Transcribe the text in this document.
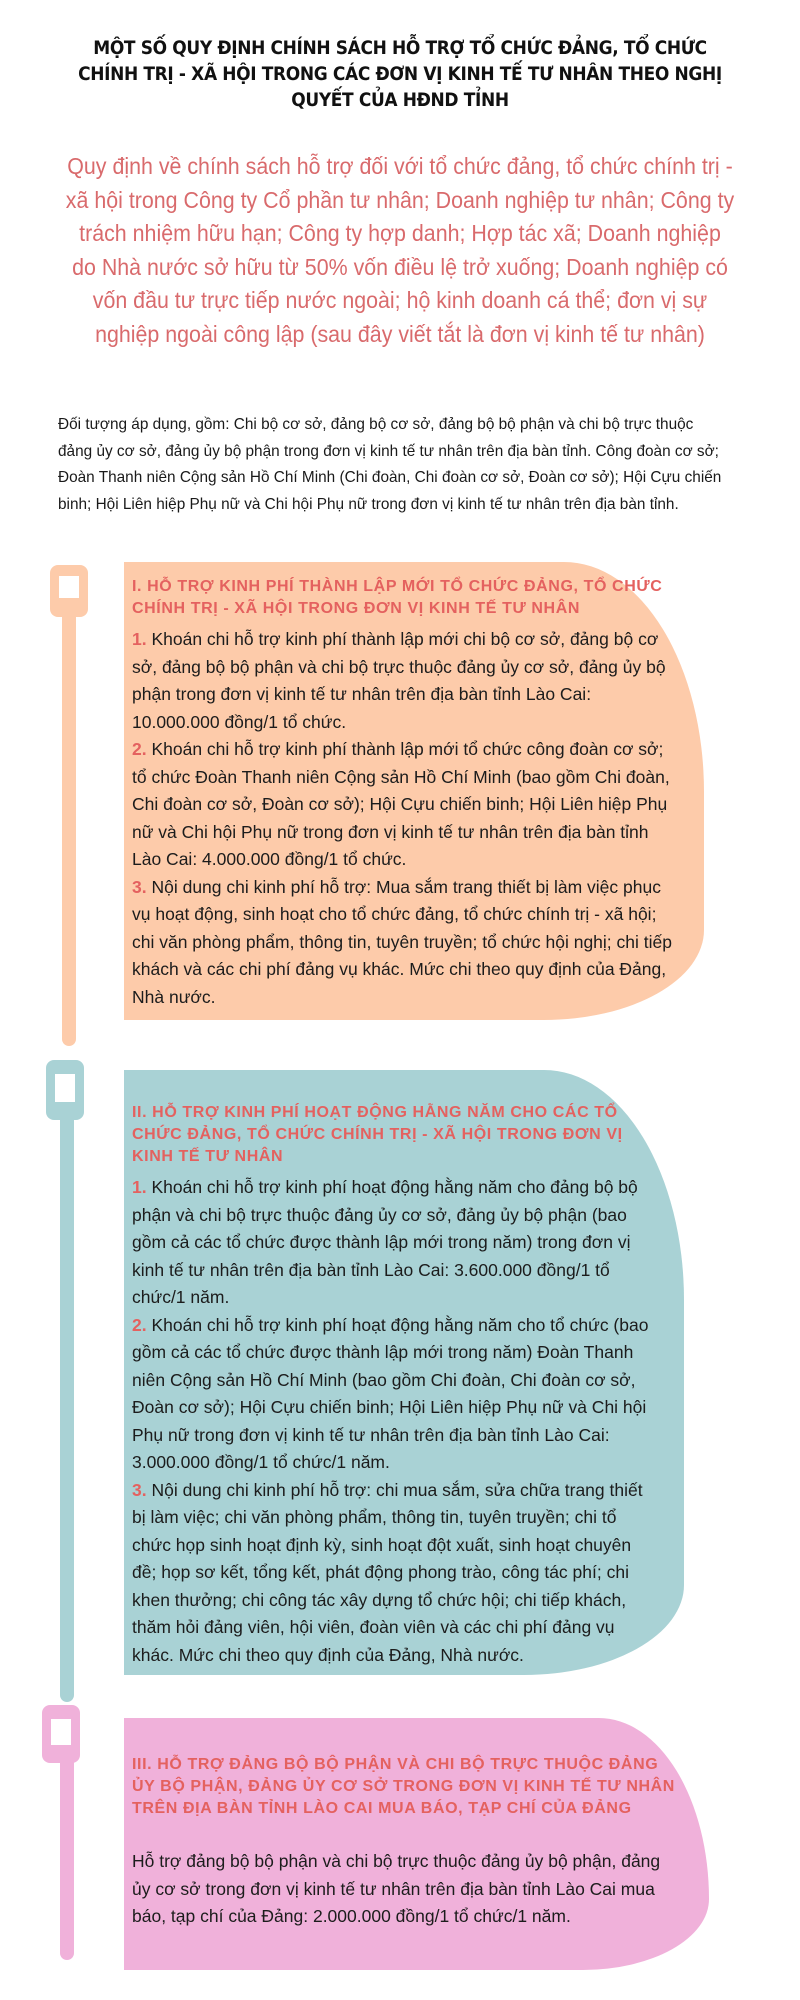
MỘT SỐ QUY ĐỊNH CHÍNH SÁCH HỖ TRỢ TỔ CHỨC ĐẢNG, TỔ CHỨC CHÍNH TRỊ - XÃ HỘI TRONG CÁC ĐƠN VỊ KINH TẾ TƯ NHÂN THEO NGHỊ QUYẾT CỦA HĐND TỈNH

Quy định về chính sách hỗ trợ đối với tổ chức đảng, tổ chức chính trị - xã hội trong Công ty Cổ phần tư nhân; Doanh nghiệp tư nhân; Công ty trách nhiệm hữu hạn; Công ty hợp danh; Hợp tác xã; Doanh nghiệp do Nhà nước sở hữu từ 50% vốn điều lệ trở xuống; Doanh nghiệp có vốn đầu tư trực tiếp nước ngoài; hộ kinh doanh cá thể; đơn vị sự nghiệp ngoài công lập (sau đây viết tắt là đơn vị kinh tế tư nhân)

Đối tượng áp dụng, gồm: Chi bộ cơ sở, đảng bộ cơ sở, đảng bộ bộ phận và chi bộ trực thuộc đảng ủy cơ sở, đảng ủy bộ phận trong đơn vị kinh tế tư nhân trên địa bàn tỉnh. Công đoàn cơ sở; Đoàn Thanh niên Cộng sản Hồ Chí Minh (Chi đoàn, Chi đoàn cơ sở, Đoàn cơ sở); Hội Cựu chiến binh; Hội Liên hiệp Phụ nữ và Chi hội Phụ nữ trong đơn vị kinh tế tư nhân trên địa bàn tỉnh.

I. HỖ TRỢ KINH PHÍ THÀNH LẬP MỚI TỔ CHỨC ĐẢNG, TỔ CHỨC CHÍNH TRỊ - XÃ HỘI TRONG ĐƠN VỊ KINH TẾ TƯ NHÂN

1. Khoán chi hỗ trợ kinh phí thành lập mới chi bộ cơ sở, đảng bộ cơ sở, đảng bộ bộ phận và chi bộ trực thuộc đảng ủy cơ sở, đảng ủy bộ phận trong đơn vị kinh tế tư nhân trên địa bàn tỉnh Lào Cai: 10.000.000 đồng/1 tổ chức.

2. Khoán chi hỗ trợ kinh phí thành lập mới tổ chức công đoàn cơ sở; tổ chức Đoàn Thanh niên Cộng sản Hồ Chí Minh (bao gồm Chi đoàn, Chi đoàn cơ sở, Đoàn cơ sở); Hội Cựu chiến binh; Hội Liên hiệp Phụ nữ và Chi hội Phụ nữ trong đơn vị kinh tế tư nhân trên địa bàn tỉnh Lào Cai: 4.000.000 đồng/1 tổ chức.

3. Nội dung chi kinh phí hỗ trợ: Mua sắm trang thiết bị làm việc phục vụ hoạt động, sinh hoạt cho tổ chức đảng, tổ chức chính trị - xã hội; chi văn phòng phẩm, thông tin, tuyên truyền; tổ chức hội nghị; chi tiếp khách và các chi phí đảng vụ khác. Mức chi theo quy định của Đảng, Nhà nước.

II. HỖ TRỢ KINH PHÍ HOẠT ĐỘNG HẰNG NĂM CHO CÁC TỔ CHỨC ĐẢNG, TỔ CHỨC CHÍNH TRỊ - XÃ HỘI TRONG ĐƠN VỊ KINH TẾ TƯ NHÂN

1. Khoán chi hỗ trợ kinh phí hoạt động hằng năm cho đảng bộ bộ phận và chi bộ trực thuộc đảng ủy cơ sở, đảng ủy bộ phận (bao gồm cả các tổ chức được thành lập mới trong năm) trong đơn vị kinh tế tư nhân trên địa bàn tỉnh Lào Cai: 3.600.000 đồng/1 tổ chức/1 năm.

2. Khoán chi hỗ trợ kinh phí hoạt động hằng năm cho tổ chức (bao gồm cả các tổ chức được thành lập mới trong năm) Đoàn Thanh niên Cộng sản Hồ Chí Minh (bao gồm Chi đoàn, Chi đoàn cơ sở, Đoàn cơ sở); Hội Cựu chiến binh; Hội Liên hiệp Phụ nữ và Chi hội Phụ nữ trong đơn vị kinh tế tư nhân trên địa bàn tỉnh Lào Cai: 3.000.000 đồng/1 tổ chức/1 năm.

3. Nội dung chi kinh phí hỗ trợ: chi mua sắm, sửa chữa trang thiết bị làm việc; chi văn phòng phẩm, thông tin, tuyên truyền; chi tổ chức họp sinh hoạt định kỳ, sinh hoạt đột xuất, sinh hoạt chuyên đề; họp sơ kết, tổng kết, phát động phong trào, công tác phí; chi khen thưởng; chi công tác xây dựng tổ chức hội; chi tiếp khách, thăm hỏi đảng viên, hội viên, đoàn viên và các chi phí đảng vụ khác. Mức chi theo quy định của Đảng, Nhà nước.

III. HỖ TRỢ ĐẢNG BỘ BỘ PHẬN VÀ CHI BỘ TRỰC THUỘC ĐẢNG ỦY BỘ PHẬN, ĐẢNG ỦY CƠ SỞ TRONG ĐƠN VỊ KINH TẾ TƯ NHÂN TRÊN ĐỊA BÀN TỈNH LÀO CAI MUA BÁO, TẠP CHÍ CỦA ĐẢNG

Hỗ trợ đảng bộ bộ phận và chi bộ trực thuộc đảng ủy bộ phận, đảng ủy cơ sở trong đơn vị kinh tế tư nhân trên địa bàn tỉnh Lào Cai mua báo, tạp chí của Đảng: 2.000.000 đồng/1 tổ chức/1 năm.
